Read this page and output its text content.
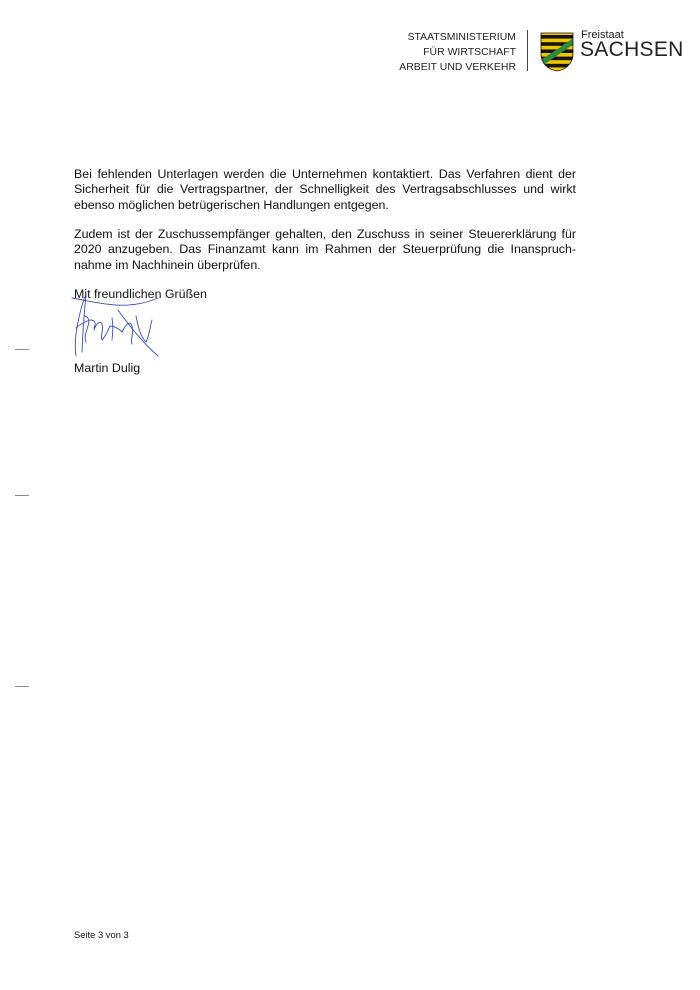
STAATSMINISTERIUM
FÜR WIRTSCHAFT
ARBEIT UND VERKEHR
Freistaat
SACHSEN
Bei fehlenden Unterlagen werden die Unternehmen kontaktiert. Das Verfahren dient der Sicherheit für die Vertragspartner, der Schnelligkeit des Vertragsabschlusses und wirkt ebenso möglichen betrügerischen Handlungen entgegen.
Zudem ist der Zuschussempfänger gehalten, den Zuschuss in seiner Steuererklärung für 2020 anzugeben. Das Finanzamt kann im Rahmen der Steuerprüfung die Inanspruchnahme im Nachhinein überprüfen.
Mit freundlichen Grüßen
Martin Dulig
Seite 3 von 3
